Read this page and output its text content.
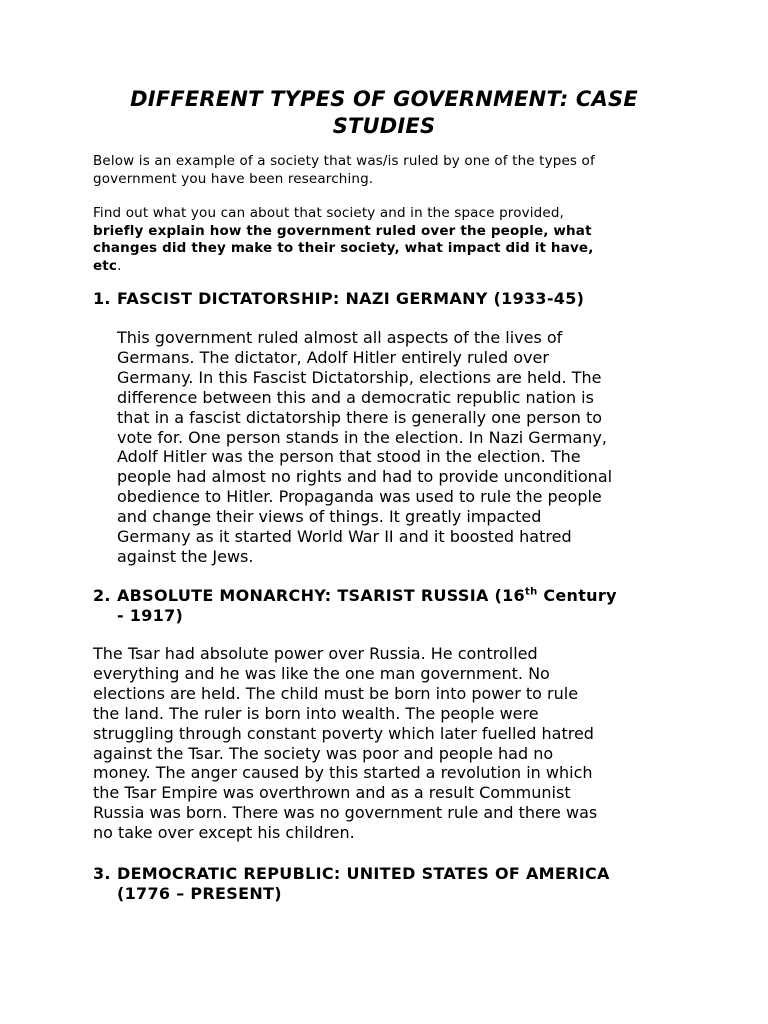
DIFFERENT TYPES OF GOVERNMENT: CASE
STUDIES
Below is an example of a society that was/is ruled by one of the types of
government you have been researching.
Find out what you can about that society and in the space provided,
briefly explain how the government ruled over the people, what
changes did they make to their society, what impact did it have,
etc.
1. FASCIST DICTATORSHIP: NAZI GERMANY (1933-45)
This government ruled almost all aspects of the lives of
Germans. The dictator, Adolf Hitler entirely ruled over
Germany. In this Fascist Dictatorship, elections are held. The
difference between this and a democratic republic nation is
that in a fascist dictatorship there is generally one person to
vote for. One person stands in the election. In Nazi Germany,
Adolf Hitler was the person that stood in the election. The
people had almost no rights and had to provide unconditional
obedience to Hitler. Propaganda was used to rule the people
and change their views of things. It greatly impacted
Germany as it started World War II and it boosted hatred
against the Jews.
2. ABSOLUTE MONARCHY: TSARIST RUSSIA (16th Century
- 1917)
The Tsar had absolute power over Russia. He controlled
everything and he was like the one man government. No
elections are held. The child must be born into power to rule
the land. The ruler is born into wealth. The people were
struggling through constant poverty which later fuelled hatred
against the Tsar. The society was poor and people had no
money. The anger caused by this started a revolution in which
the Tsar Empire was overthrown and as a result Communist
Russia was born. There was no government rule and there was
no take over except his children.
3. DEMOCRATIC REPUBLIC: UNITED STATES OF AMERICA
(1776 – PRESENT)
